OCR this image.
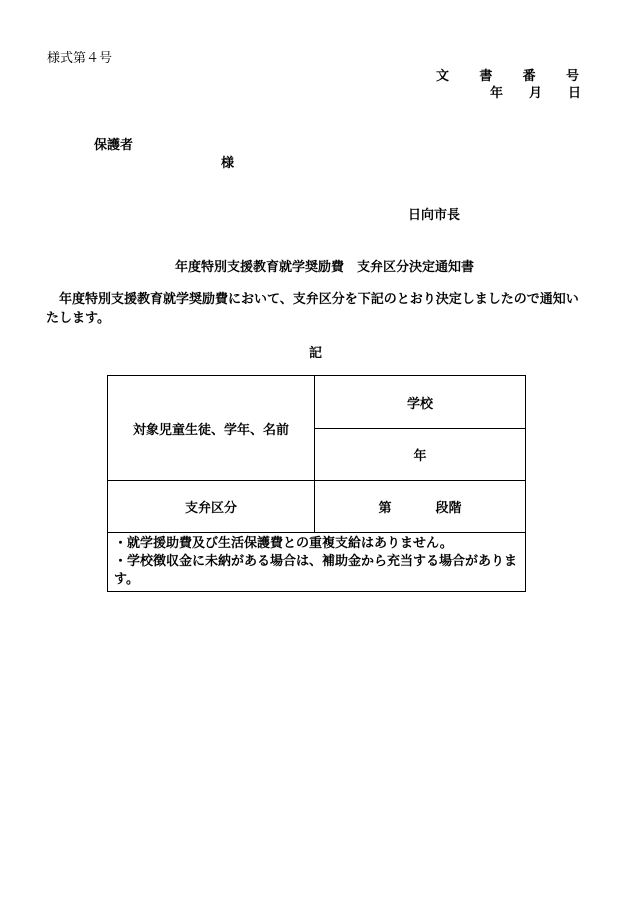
様式第４号
文 書 番 号
年 月 日
保護者
様
日向市長
年度特別支援教育就学奨励費　支弁区分決定通知書
　年度特別支援教育就学奨励費において、支弁区分を下記のとおり決定しましたので通知いたします。
記
対象児童生徒、学年、名前	学校
	年
支弁区分	第 段階

・就学援助費及び生活保護費との重複支給はありません。
・学校徴収金に未納がある場合は、補助金から充当する場合があります。	
